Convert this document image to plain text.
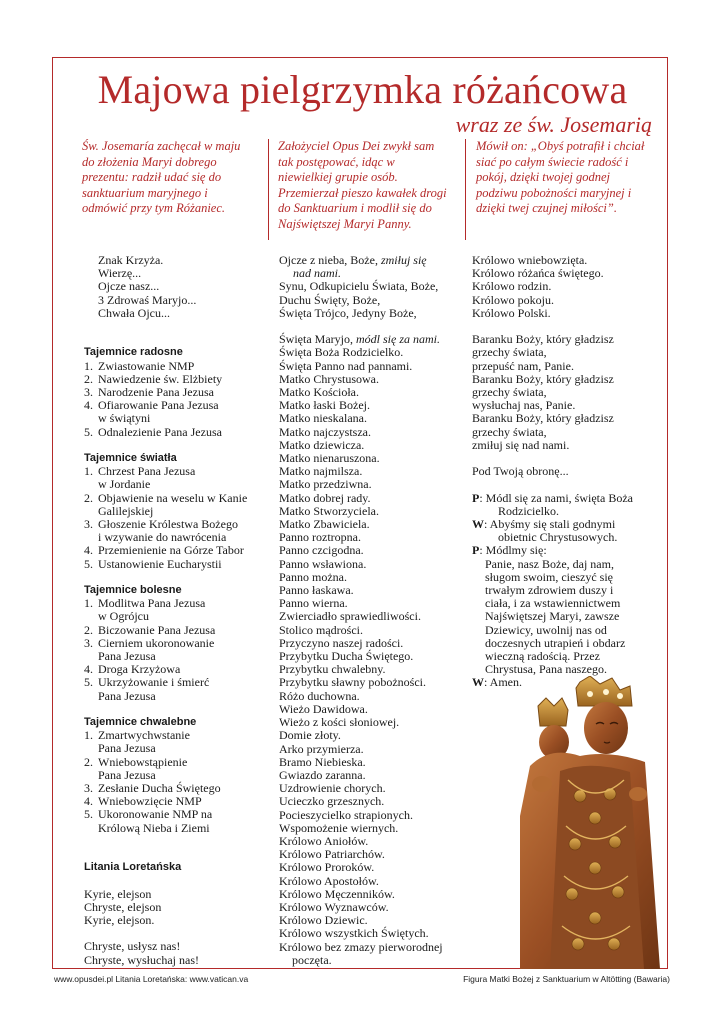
Majowa pielgrzymka różańcowa
wraz ze św. Josemarią
Św. Josemaría zachęcał w maju do złożenia Maryi dobrego prezentu: radził udać się do sanktuarium maryjnego i odmówić przy tym Różaniec.
Założyciel Opus Dei zwykł sam tak postępować, idąc w niewielkiej grupie osób. Przemierzał pieszo kawałek drogi do Sanktuarium i modlił się do Najświętszej Maryi Panny.
Mówił on: „Obyś potrafił i chciał siać po całym świecie radość i pokój, dzięki twojej godnej podziwu pobożności maryjnej i dzięki twej czujnej miłości”.
Znak Krzyża.
Wierzę...
Ojcze nasz...
3 Zdrowaś Maryjo...
Chwała Ojcu...
Tajemnice radosne
1. Zwiastowanie NMP
2. Nawiedzenie św. Elżbiety
3. Narodzenie Pana Jezusa
4. Ofiarowanie Pana Jezusa
w świątyni
5. Odnalezienie Pana Jezusa
Tajemnice światła
1. Chrzest Pana Jezusa
w Jordanie
2. Objawienie na weselu w Kanie
Galilejskiej
3. Głoszenie Królestwa Bożego
i wzywanie do nawrócenia
4. Przemienienie na Górze Tabor
5. Ustanowienie Eucharystii
Tajemnice bolesne
1. Modlitwa Pana Jezusa
w Ogrójcu
2. Biczowanie Pana Jezusa
3. Cierniem ukoronowanie
Pana Jezusa
4. Droga Krzyżowa
5. Ukrzyżowanie i śmierć
Pana Jezusa
Tajemnice chwalebne
1. Zmartwychwstanie
Pana Jezusa
2. Wniebowstąpienie
Pana Jezusa
3. Zesłanie Ducha Świętego
4. Wniebowzięcie NMP
5. Ukoronowanie NMP na
Królową Nieba i Ziemi
Litania Loretańska
Kyrie, elejson
Chryste, elejson
Kyrie, elejson.
Chryste, usłysz nas!
Chryste, wysłuchaj nas!
Ojcze z nieba, Boże, zmiłuj się
nad nami.
Synu, Odkupicielu Świata, Boże,
Duchu Święty, Boże,
Święta Trójco, Jedyny Boże,
Święta Maryjo, módl się za nami.
Święta Boża Rodzicielko.
Święta Panno nad pannami.
Matko Chrystusowa.
Matko Kościoła.
Matko łaski Bożej.
Matko nieskalana.
Matko najczystsza.
Matko dziewicza.
Matko nienaruszona.
Matko najmilsza.
Matko przedziwna.
Matko dobrej rady.
Matko Stworzyciela.
Matko Zbawiciela.
Panno roztropna.
Panno czcigodna.
Panno wsławiona.
Panno można.
Panno łaskawa.
Panno wierna.
Zwierciadło sprawiedliwości.
Stolico mądrości.
Przyczyno naszej radości.
Przybytku Ducha Świętego.
Przybytku chwalebny.
Przybytku sławny pobożności.
Różo duchowna.
Wieżo Dawidowa.
Wieżo z kości słoniowej.
Domie złoty.
Arko przymierza.
Bramo Niebieska.
Gwiazdo zaranna.
Uzdrowienie chorych.
Ucieczko grzesznych.
Pocieszycielko strapionych.
Wspomożenie wiernych.
Królowo Aniołów.
Królowo Patriarchów.
Królowo Proroków.
Królowo Apostołów.
Królowo Męczenników.
Królowo Wyznawców.
Królowo Dziewic.
Królowo wszystkich Świętych.
Królowo bez zmazy pierworodnej
poczęta.
Królowo wniebowzięta.
Królowo różańca świętego.
Królowo rodzin.
Królowo pokoju.
Królowo Polski.
Baranku Boży, który gładzisz
grzechy świata,
przepuść nam, Panie.
Baranku Boży, który gładzisz
grzechy świata,
wysłuchaj nas, Panie.
Baranku Boży, który gładzisz
grzechy świata,
zmiłuj się nad nami.
Pod Twoją obronę...
P: Módl się za nami, święta Boża
Rodzicielko.
W: Abyśmy się stali godnymi
obietnic Chrystusowych.
P: Módlmy się:
Panie, nasz Boże, daj nam,
sługom swoim, cieszyć się
trwałym zdrowiem duszy i
ciała, i za wstawiennictwem
Najświętszej Maryi, zawsze
Dziewicy, uwolnij nas od
doczesnych utrapień i obdarz
wieczną radością. Przez
Chrystusa, Pana naszego.
W: Amen.
www.opusdei.pl Litania Loretańska: www.vatican.va	Figura Matki Bożej z Sanktuarium w Altötting (Bawaria)
